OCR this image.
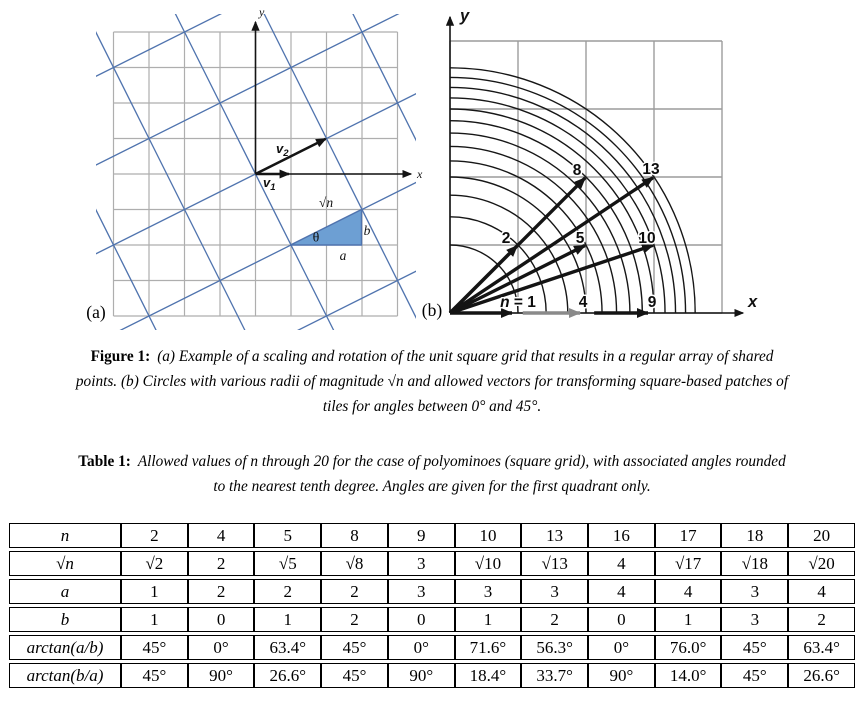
x
y
$v_1$
$v_2$
√n
θ
a
b
(a)	n = 1
2
4
5
8
9
10
13
x
y
(b)
Figure 1: (a) Example of a scaling and rotation of the unit square grid that results in a regular array of shared
points. (b) Circles with various radii of magnitude √n and allowed vectors for transforming square-based patches of
tiles for angles between 0° and 45°.
Table 1: Allowed values of n through 20 for the case of polyominoes (square grid), with associated angles rounded
to the nearest tenth degree. Angles are given for the first quadrant only.
n	2	4	5	8	9	10	13	16	17	18	20
√n	√2	2	√5	√8	3	√10	√13	4	√17	√18	√20
a	1	2	2	2	3	3	3	4	4	3	4
b	1	0	1	2	0	1	2	0	1	3	2
arctan(a/b)	45°	0°	63.4°	45°	0°	71.6°	56.3°	0°	76.0°	45°	63.4°
arctan(b/a)	45°	90°	26.6°	45°	90°	18.4°	33.7°	90°	14.0°	45°	26.6°
